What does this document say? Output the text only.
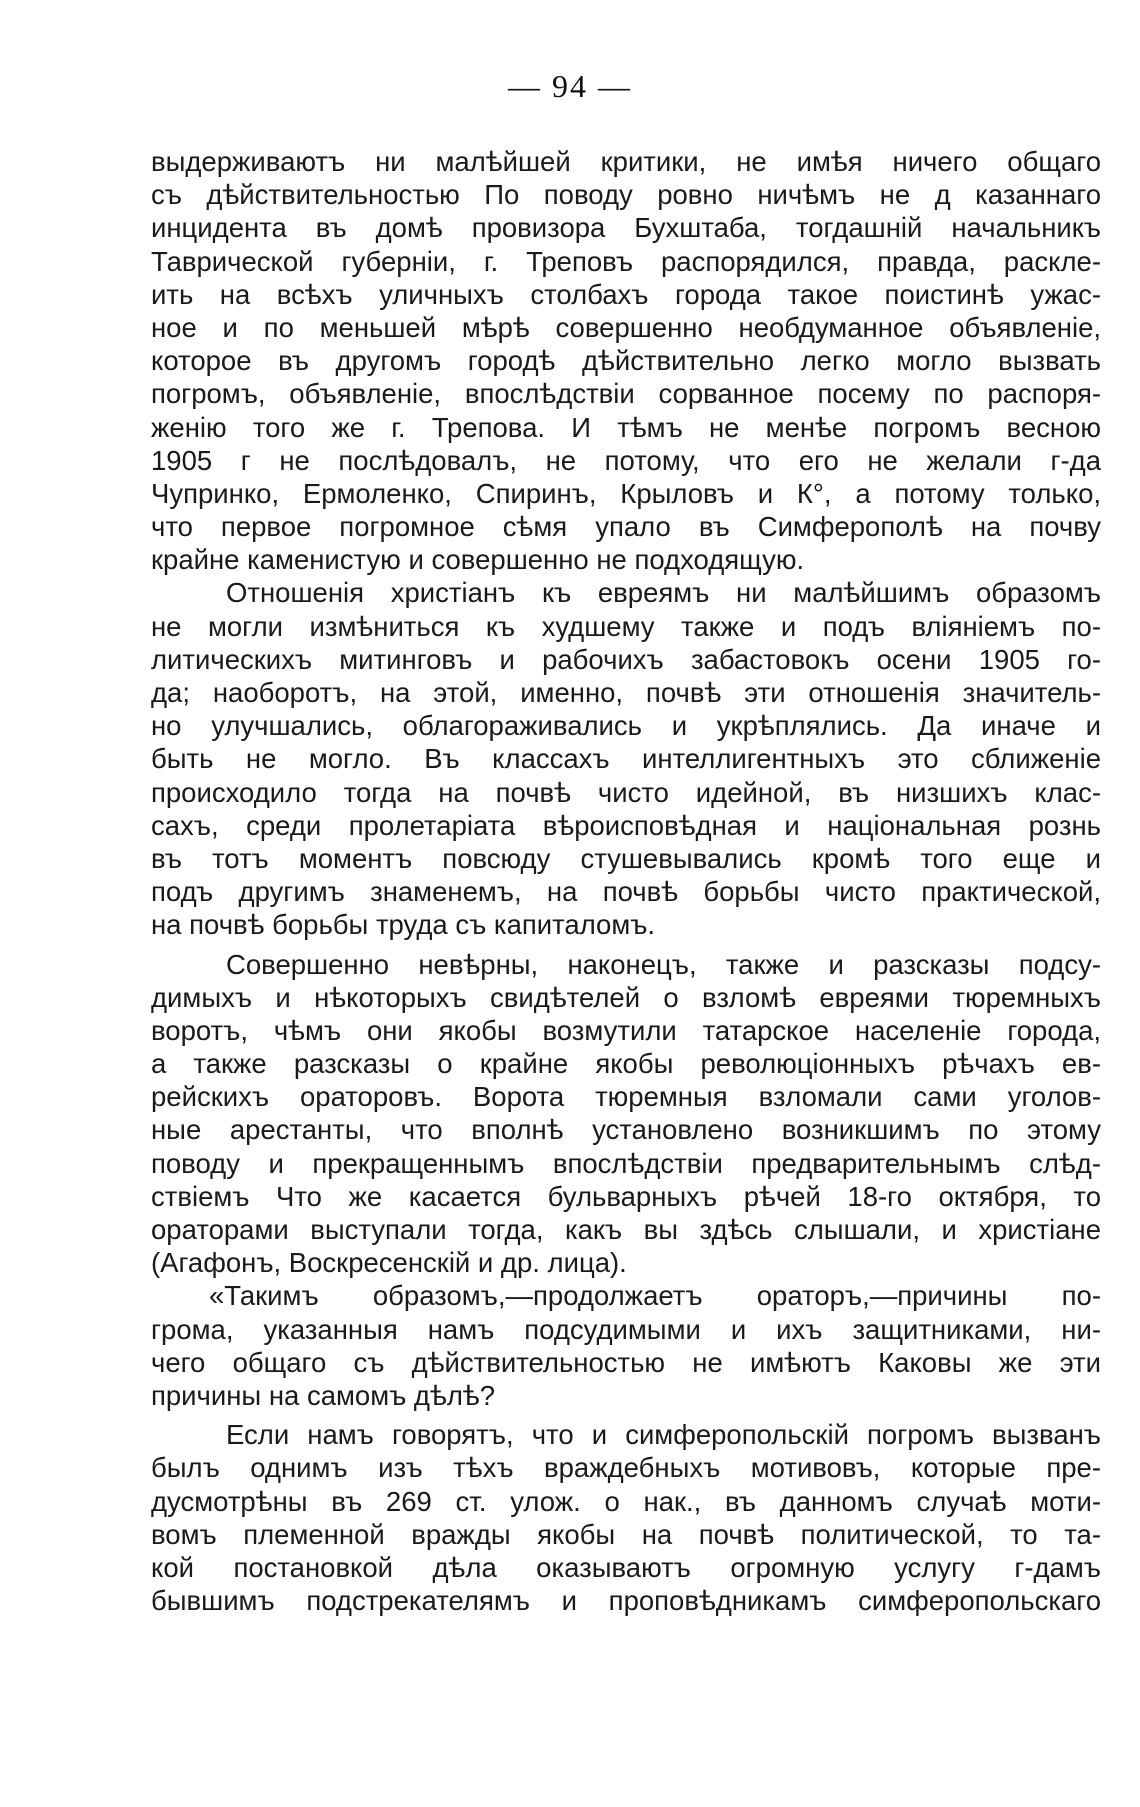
— 94 —
выдерживаютъ ни малѣйшей критики, не имѣя ничего общаго
съ дѣйствительностью По поводу ровно ничѣмъ не д казаннаго
инцидента въ домѣ провизора Бухштаба, тогдашній начальникъ
Таврической губерніи, г. Треповъ распорядился, правда, раскле-
ить на всѣхъ уличныхъ столбахъ города такое поистинѣ ужас-
ное и по меньшей мѣрѣ совершенно необдуманное объявленіе,
которое въ другомъ городѣ дѣйствительно легко могло вызвать
погромъ, объявленіе, впослѣдствіи сорванное посему по распоря-
женію того же г. Трепова. И тѣмъ не менѣе погромъ весною
1905 г не послѣдовалъ, не потому, что его не желали г-да
Чупринко, Ермоленко, Спиринъ, Крыловъ и К°, а потому только,
что первое погромное сѣмя упало въ Симферополѣ на почву
крайне каменистую и совершенно не подходящую.
Отношенія христіанъ къ евреямъ ни малѣйшимъ образомъ
не могли измѣниться къ худшему также и подъ вліяніемъ по-
литическихъ митинговъ и рабочихъ забастовокъ осени 1905 го-
да; наоборотъ, на этой, именно, почвѣ эти отношенія значитель-
но улучшались, облагораживались и укрѣплялись. Да иначе и
быть не могло. Въ классахъ интеллигентныхъ это сближеніе
происходило тогда на почвѣ чисто идейной, въ низшихъ клас-
сахъ, среди пролетаріата вѣроисповѣдная и національная рознь
въ тотъ моментъ повсюду стушевывались кромѣ того еще и
подъ другимъ знаменемъ, на почвѣ борьбы чисто практической,
на почвѣ борьбы труда съ капиталомъ.
Совершенно невѣрны, наконецъ, также и разсказы подсу-
димыхъ и нѣкоторыхъ свидѣтелей о взломѣ евреями тюремныхъ
воротъ, чѣмъ они якобы возмутили татарское населеніе города,
а также разсказы о крайне якобы революціонныхъ рѣчахъ ев-
рейскихъ ораторовъ. Ворота тюремныя взломали сами уголов-
ные арестанты, что вполнѣ установлено возникшимъ по этому
поводу и прекращеннымъ впослѣдствіи предварительнымъ слѣд-
ствіемъ Что же касается бульварныхъ рѣчей 18-го октября, то
ораторами выступали тогда, какъ вы здѣсь слышали, и христіане
(Агафонъ, Воскресенскій и др. лица).
«Такимъ образомъ,—продолжаетъ ораторъ,—причины по-
грома, указанныя намъ подсудимыми и ихъ защитниками, ни-
чего общаго съ дѣйствительностью не имѣютъ Каковы же эти
причины на самомъ дѣлѣ?
Если намъ говорятъ, что и симферопольскій погромъ вызванъ
былъ однимъ изъ тѣхъ враждебныхъ мотивовъ, которые пре-
дусмотрѣны въ 269 ст. улож. о нак., въ данномъ случаѣ моти-
вомъ племенной вражды якобы на почвѣ политической, то та-
кой постановкой дѣла оказываютъ огромную услугу г-дамъ
бывшимъ подстрекателямъ и проповѣдникамъ симферопольскаго
